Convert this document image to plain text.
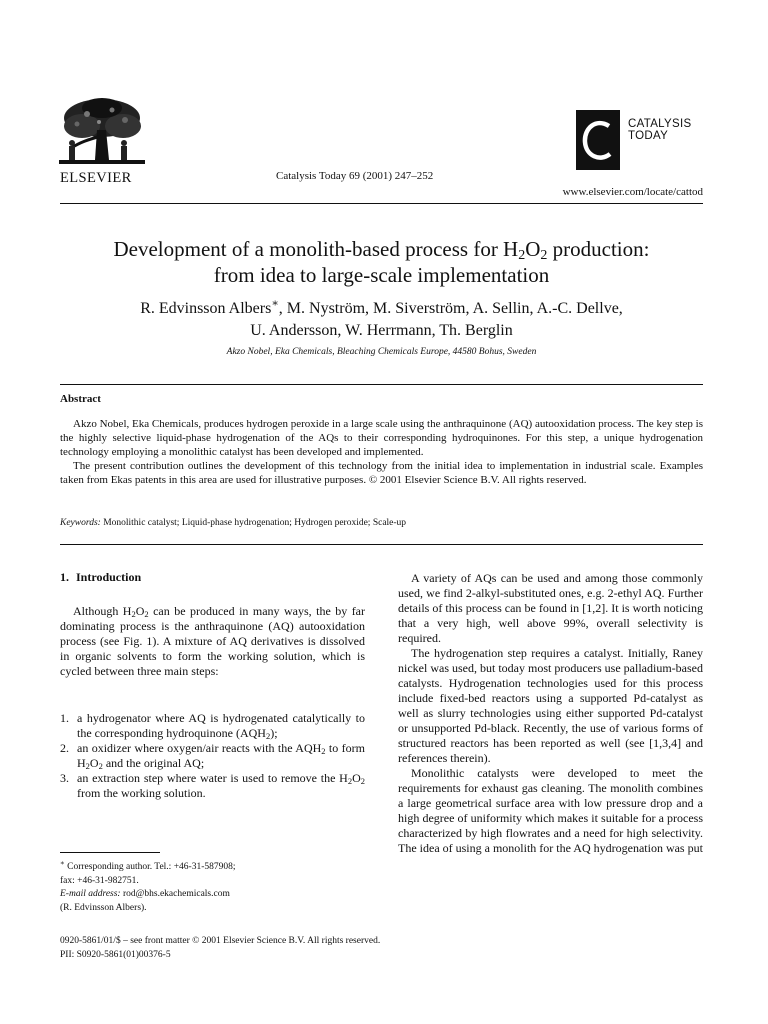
ELSEVIER	Catalysis Today 69 (2001) 247–252
CATALYSIS
TODAY
www.elsevier.com/locate/cattod
Development of a monolith-based process for $H_2O_2$ production:
from idea to large-scale implementation
R. Edvinsson Albers∗, M. Nyström, M. Siverström, A. Sellin, A.-C. Dellve,
U. Andersson, W. Herrmann, Th. Berglin
Akzo Nobel, Eka Chemicals, Bleaching Chemicals Europe, 44580 Bohus, Sweden
Abstract

Akzo Nobel, Eka Chemicals, produces hydrogen peroxide in a large scale using the anthraquinone (AQ) autooxidation process. The key step is the highly selective liquid-phase hydrogenation of the AQs to their corresponding hydroquinones. For this step, a unique hydrogenation technology employing a monolithic catalyst has been developed and implemented.

The present contribution outlines the development of this technology from the initial idea to implementation in industrial scale. Examples taken from Ekas patents in this area are used for illustrative purposes. © 2001 Elsevier Science B.V. All rights reserved.

Keywords: Monolithic catalyst; Liquid-phase hydrogenation; Hydrogen peroxide; Scale-up
1. Introduction

Although $H_2O_2$ can be produced in many ways, the by far dominating process is the anthraquinone (AQ) autooxidation process (see Fig. 1). A mixture of AQ derivatives is dissolved in organic solvents to form the working solution, which is cycled between three main steps:

1. a hydrogenator where AQ is hydrogenated catalytically to the corresponding hydroquinone $(AQH_2)$;
2. an oxidizer where oxygen/air reacts with the $AQH_2$ to form $H_2O_2$ and the original AQ;
3. an extraction step where water is used to remove the $H_2O_2$ from the working solution.
∗ Corresponding author. Tel.: +46-31-587908;
fax: +46-31-982751.
E-mail address: rod@bhs.ekachemicals.com
(R. Edvinsson Albers).

A variety of AQs can be used and among those commonly used, we find 2-alkyl-substituted ones, e.g. 2-ethyl AQ. Further details of this process can be found in [1,2]. It is worth noticing that a very high, well above 99%, overall selectivity is required.

The hydrogenation step requires a catalyst. Initially, Raney nickel was used, but today most producers use palladium-based catalysts. Hydrogenation technologies used for this process include fixed-bed reactors using a supported Pd-catalyst as well as slurry technologies using either supported Pd-catalyst or unsupported Pd-black. Recently, the use of various forms of structured reactors has been reported as well (see [1,3,4] and references therein).

Monolithic catalysts were developed to meet the requirements for exhaust gas cleaning. The monolith combines a large geometrical surface area with low pressure drop and a high degree of uniformity which makes it suitable for a process characterized by high flowrates and a need for high selectivity. The idea of using a monolith for the AQ hydrogenation was put

0920-5861/01/$ – see front matter © 2001 Elsevier Science B.V. All rights reserved.
PII: S0920-5861(01)00376-5
